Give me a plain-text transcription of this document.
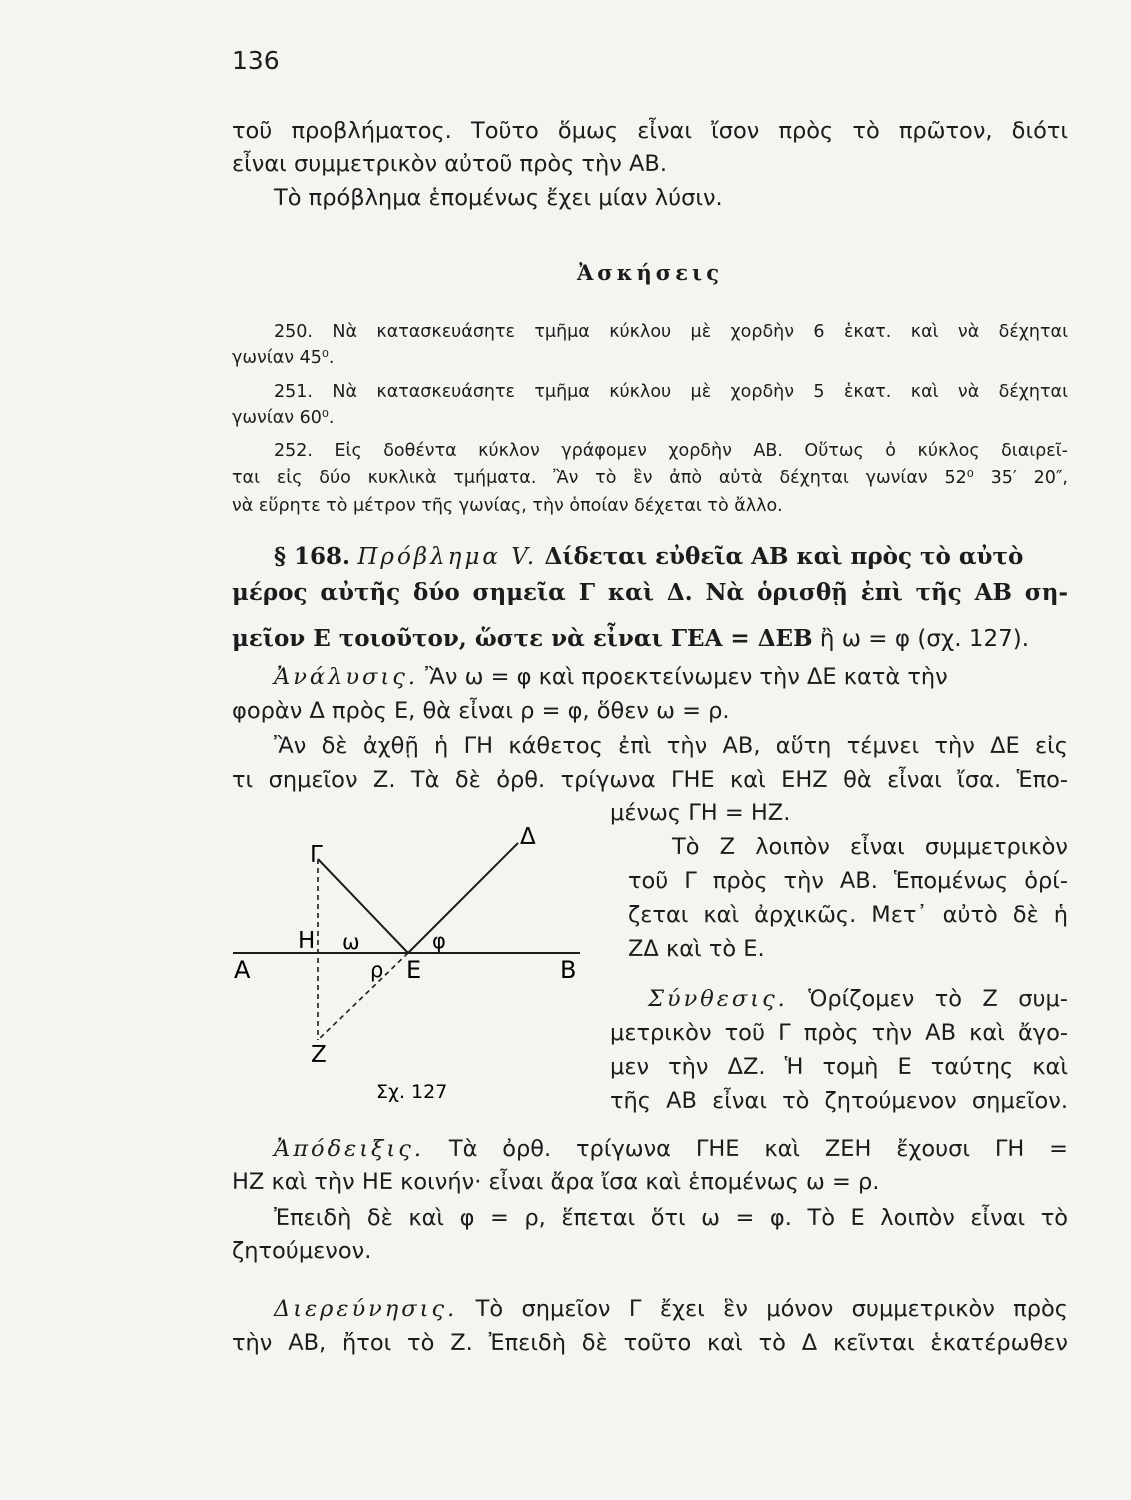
136
τοῦ προβλήματος. Τοῦτο ὅμως εἶναι ἴσον πρὸς τὸ πρῶτον, διότι
εἶναι συμμετρικὸν αὐτοῦ πρὸς τὴν ΑΒ.
Τὸ πρόβλημα ἑπομένως ἔχει μίαν λύσιν.
Ἀσκήσεις
250. Νὰ κατασκευάσητε τμῆμα κύκλου μὲ χορδὴν 6 ἑκατ. καὶ νὰ δέχηται
γωνίαν 45⁰.
251. Νὰ κατασκευάσητε τμῆμα κύκλου μὲ χορδὴν 5 ἑκατ. καὶ νὰ δέχηται
γωνίαν 60⁰.
252. Εἰς δοθέντα κύκλον γράφομεν χορδὴν ΑΒ. Οὕτως ὁ κύκλος διαιρεῖ-
ται εἰς δύο κυκλικὰ τμήματα. Ἂν τὸ ἓν ἀπὸ αὐτὰ δέχηται γωνίαν 52⁰ 35′ 20″,
νὰ εὕρητε τὸ μέτρον τῆς γωνίας, τὴν ὁποίαν δέχεται τὸ ἄλλο.
§ 168. Πρόβλημα V. Δίδεται εὐθεῖα ΑΒ καὶ πρὸς τὸ αὐτὸ
μέρος αὐτῆς δύο σημεῖα Γ καὶ Δ. Νὰ ὁρισθῇ ἐπὶ τῆς ΑΒ ση-
μεῖον Ε τοιοῦτον, ὥστε νὰ εἶναι ΓΕΑ = ΔΕΒ ἢ ω = φ (σχ. 127).
Ἀνάλυσις. Ἂν ω = φ καὶ προεκτείνωμεν τὴν ΔΕ κατὰ τὴν
φορὰν Δ πρὸς Ε, θὰ εἶναι ρ = φ, ὅθεν ω = ρ.
Ἂν δὲ ἀχθῇ ἡ ΓΗ κάθετος ἐπὶ τὴν ΑΒ, αὕτη τέμνει τὴν ΔΕ εἰς
τι σημεῖον Ζ. Τὰ δὲ ὀρθ. τρίγωνα ΓΗΕ καὶ ΕΗΖ θὰ εἶναι ἴσα. Ἑπο-
μένως ΓΗ = ΗΖ.
Τὸ Ζ λοιπὸν εἶναι συμμετρικὸν
τοῦ Γ πρὸς τὴν ΑΒ. Ἑπομένως ὁρί-
ζεται καὶ ἀρχικῶς. Μετ᾽ αὐτὸ δὲ ἡ
ΖΔ καὶ τὸ Ε.
Σύνθεσις. Ὁρίζομεν τὸ Ζ συμ-
μετρικὸν τοῦ Γ πρὸς τὴν ΑΒ καὶ ἄγο-
μεν τὴν ΔΖ. Ἡ τομὴ Ε ταύτης καὶ
τῆς ΑΒ εἶναι τὸ ζητούμενον σημεῖον.
Ἀπόδειξις. Τὰ ὀρθ. τρίγωνα ΓΗΕ καὶ ΖΕΗ ἔχουσι ΓΗ =
ΗΖ καὶ τὴν ΗΕ κοινήν· εἶναι ἄρα ἴσα καὶ ἑπομένως ω = ρ.
Ἐπειδὴ δὲ καὶ φ = ρ, ἕπεται ὅτι ω = φ. Τὸ Ε λοιπὸν εἶναι τὸ
ζητούμενον.
Διερεύνησις. Τὸ σημεῖον Γ ἔχει ἓν μόνον συμμετρικὸν πρὸς
τὴν ΑΒ, ἤτοι τὸ Ζ. Ἐπειδὴ δὲ τοῦτο καὶ τὸ Δ κεῖνται ἑκατέρωθεν
Γ
Δ
Η ω	φ
Α	ρ Ε	Β
Ζ
Σχ. 127
